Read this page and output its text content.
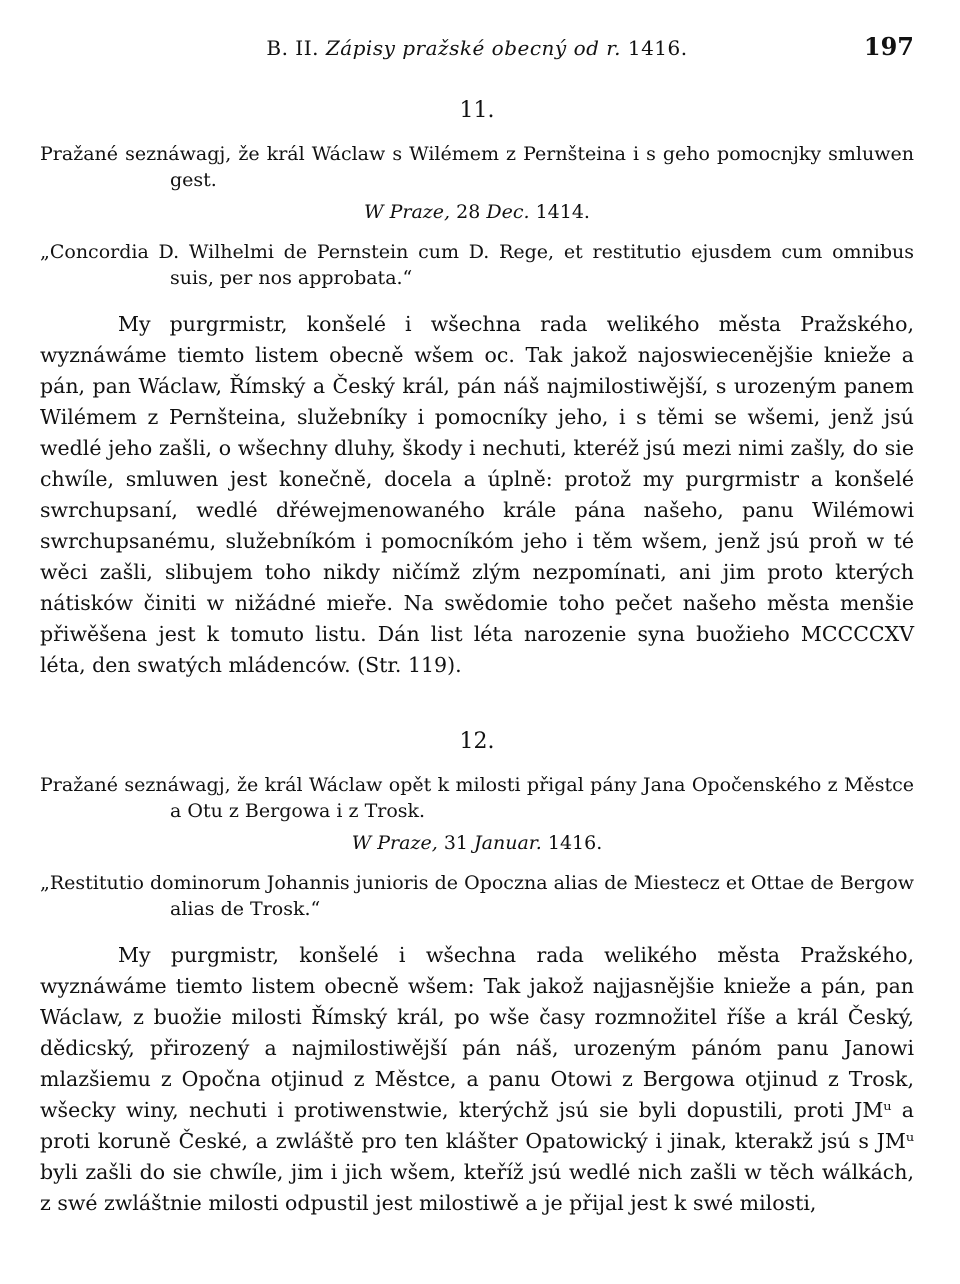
B. II. Zápisy pražské obecný od r. 1416.	197
11.

Pražané seznáwagj, že král Wáclaw s Wilémem z Pernšteina i s geho pomocnjky smluwen gest.

W Praze, 28 Dec. 1414.

„Concordia D. Wilhelmi de Pernstein cum D. Rege, et restitutio ejusdem cum omnibus suis, per nos approbata.“

My purgrmistr, konšelé i wšechna rada welikého města Pražského, wyznáwáme tiemto listem obecně wšem oc. Tak jakož najoswiecenějšie knieže a pán, pan Wáclaw, Římský a Český král, pán náš najmilostiwější, s urozeným panem Wilémem z Pernšteina, služebníky i pomocníky jeho, i s těmi se wšemi, jenž jsú wedlé jeho zašli, o wšechny dluhy, škody i nechuti, kteréž jsú mezi nimi zašly, do sie chwíle, smluwen jest konečně, docela a úplně: protož my purgrmistr a konšelé swrchupsaní, wedlé dřéwejmenowaného krále pána našeho, panu Wilémowi swrchupsanému, služebníkóm i pomocníkóm jeho i těm wšem, jenž jsú proň w té wěci zašli, slibujem toho nikdy ničímž zlým nezpomínati, ani jim proto kterých nátisków činiti w nižádné mieře. Na swědomie toho pečet našeho města menšie přiwěšena jest k tomuto listu. Dán list léta narozenie syna buožieho MCCCCXV léta, den swatých mládenców. (Str. 119).

12.

Pražané seznáwagj, že král Wáclaw opět k milosti přigal pány Jana Opočenského z Městce a Otu z Bergowa i z Trosk.

W Praze, 31 Januar. 1416.

„Restitutio dominorum Johannis junioris de Opoczna alias de Miestecz et Ottae de Bergow alias de Trosk.“

My purgmistr, konšelé i wšechna rada welikého města Pražského, wyznáwáme tiemto listem obecně wšem: Tak jakož najjasnějšie knieže a pán, pan Wáclaw, z buožie milosti Římský král, po wše časy rozmnožitel říše a král Český, dědicský, přirozený a najmilostiwější pán náš, urozeným pánóm panu Janowi mlazšiemu z Opočna otjinud z Městce, a panu Otowi z Bergowa otjinud z Trosk, wšecky winy, nechuti i protiwenstwie, kterýchž jsú sie byli dopustili, proti JMᵘ a proti koruně České, a zwláště pro ten klášter Opatowický i jinak, kterakž jsú s JMᵘ byli zašli do sie chwíle, jim i jich wšem, kteříž jsú wedlé nich zašli w těch wálkách, z swé zwláštnie milosti odpustil jest milostiwě a je přijal jest k swé milosti,
